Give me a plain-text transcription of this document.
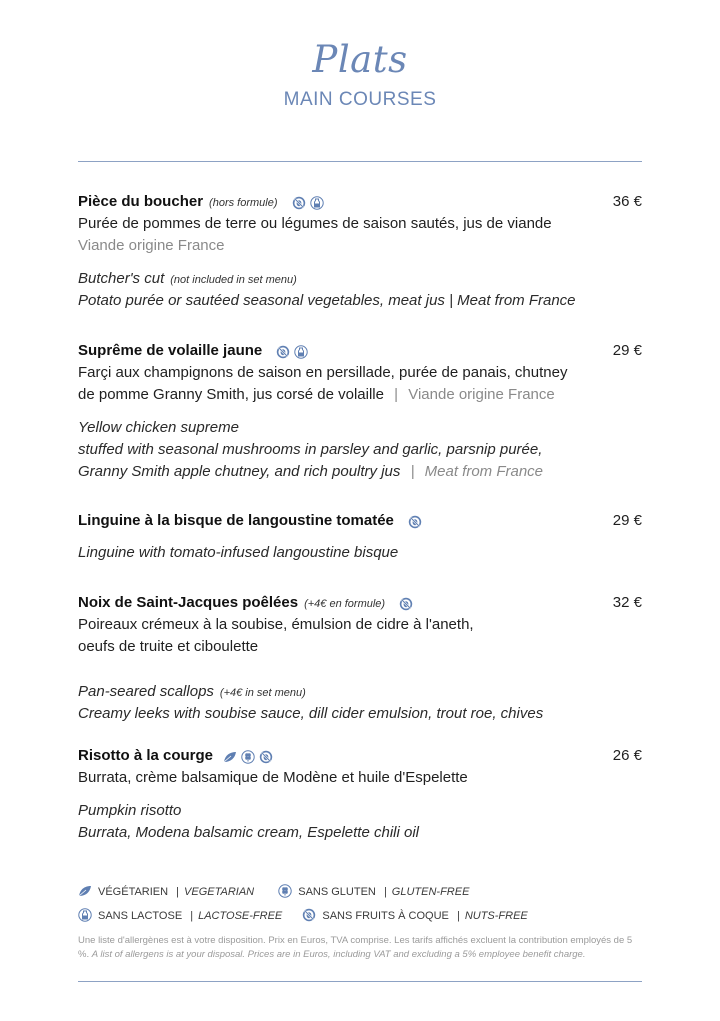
Plats
MAIN COURSES
Pièce du boucher (hors formule)	36 €
Purée de pommes de terre ou légumes de saison sautés, jus de viande
Viande origine France
Butcher's cut (not included in set menu)
Potato purée or sautéed seasonal vegetables, meat jus | Meat from France
Suprême de volaille jaune	29 €
Farçi aux champignons de saison en persillade, purée de panais, chutney
de pomme Granny Smith, jus corsé de volaille | Viande origine France
Yellow chicken supreme
stuffed with seasonal mushrooms in parsley and garlic, parsnip purée,
Granny Smith apple chutney, and rich poultry jus | Meat from France
Linguine à la bisque de langoustine tomatée	29 €
Linguine with tomato-infused langoustine bisque
Noix de Saint-Jacques poêlées (+4€ en formule)	32 €
Poireaux crémeux à la soubise, émulsion de cidre à l'aneth,
oeufs de truite et ciboulette
Pan-seared scallops (+4€ in set menu)
Creamy leeks with soubise sauce, dill cider emulsion, trout roe, chives
Risotto à la courge	26 €
Burrata, crème balsamique de Modène et huile d'Espelette
Pumpkin risotto
Burrata, Modena balsamic cream, Espelette chili oil
VÉGÉTARIEN | VEGETARIAN	SANS GLUTEN | GLUTEN-FREE
SANS LACTOSE | LACTOSE-FREE	SANS FRUITS À COQUE | NUTS-FREE
Une liste d'allergènes est à votre disposition. Prix en Euros, TVA comprise. Les tarifs affichés excluent la contribution employés de 5 %. A list of allergens is at your disposal. Prices are in Euros, including VAT and excluding a 5% employee benefit charge.
